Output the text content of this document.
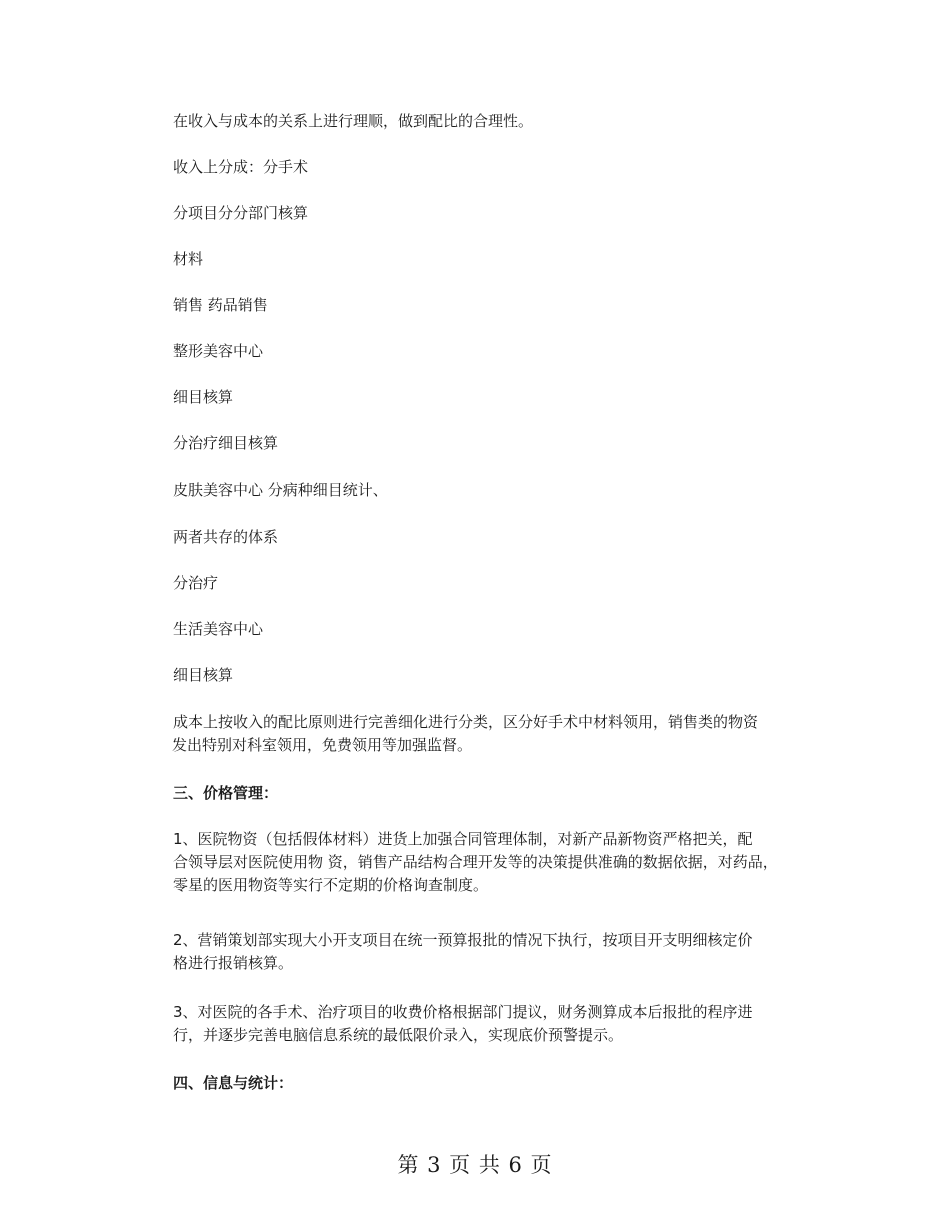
在收入与成本的关系上进行理顺，做到配比的合理性。
收入上分成：分手术
分项目分分部门核算
材料
销售 药品销售
整形美容中心
细目核算
分治疗细目核算
皮肤美容中心 分病种细目统计、
两者共存的体系
分治疗
生活美容中心
细目核算
成本上按收入的配比原则进行完善细化进行分类，区分好手术中材料领用，销售类的物资
发出特别对科室领用，免费领用等加强监督。
三、价格管理：
1、医院物资（包括假体材料）进货上加强合同管理体制，对新产品新物资严格把关，配
合领导层对医院使用物 资，销售产品结构合理开发等的决策提供准确的数据依据，对药品，
零星的医用物资等实行不定期的价格询查制度。
2、营销策划部实现大小开支项目在统一预算报批的情况下执行，按项目开支明细核定价
格进行报销核算。
3、对医院的各手术、治疗项目的收费价格根据部门提议，财务测算成本后报批的程序进
行，并逐步完善电脑信息系统的最低限价录入，实现底价预警提示。
四、信息与统计：
第 3 页 共 6 页
